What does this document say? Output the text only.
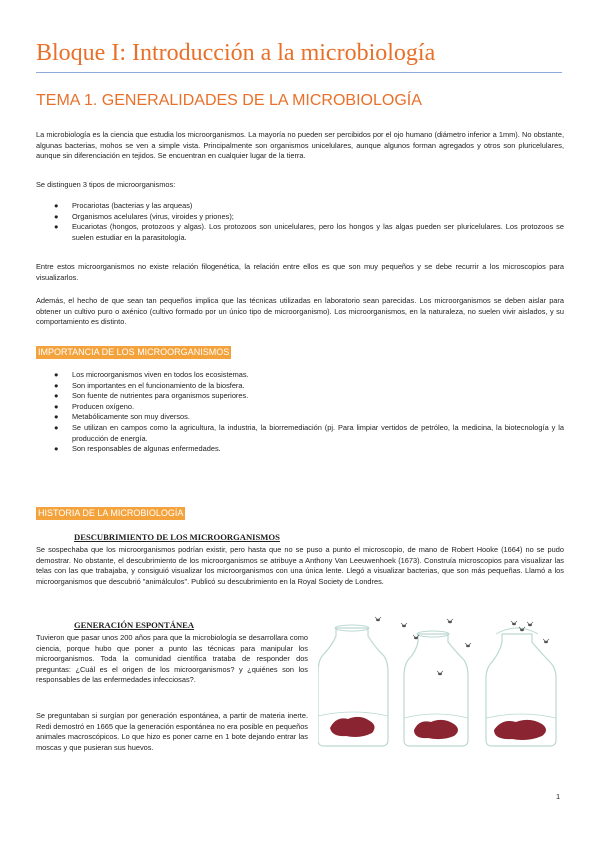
Bloque I: Introducción a la microbiología
TEMA 1. GENERALIDADES DE LA MICROBIOLOGÍA

La microbiología es la ciencia que estudia los microorganismos. La mayoría no pueden ser percibidos por el ojo humano (diámetro inferior a 1mm). No obstante, algunas bacterias, mohos se ven a simple vista. Principalmente son organismos unicelulares, aunque algunos forman agregados y otros son pluricelulares, aunque sin diferenciación en tejidos. Se encuentran en cualquier lugar de la tierra.

Se distinguen 3 tipos de microorganismos:

● Procariotas (bacterias y las arqueas)
● Organismos acelulares (virus, viroides y priones);
● Eucariotas (hongos, protozoos y algas). Los protozoos son unicelulares, pero los hongos y las algas pueden ser pluricelulares. Los protozoos se suelen estudiar en la parasitología.

Entre estos microorganismos no existe relación filogenética, la relación entre ellos es que son muy pequeños y se debe recurrir a los microscopios para visualizarlos.

Además, el hecho de que sean tan pequeños implica que las técnicas utilizadas en laboratorio sean parecidas. Los microorganismos se deben aislar para obtener un cultivo puro o axénico (cultivo formado por un único tipo de microorganismo). Los microorganismos, en la naturaleza, no suelen vivir aislados, y su comportamiento es distinto.

IMPORTANCIA DE LOS MICROORGANISMOS
● Los microorganismos viven en todos los ecosistemas.
● Son importantes en el funcionamiento de la biosfera.
● Son fuente de nutrientes para organismos superiores.
● Producen oxígeno.
● Metabólicamente son muy diversos.
● Se utilizan en campos como la agricultura, la industria, la biorremediación (pj. Para limpiar vertidos de petróleo, la medicina, la biotecnología y la producción de energía.
● Son responsables de algunas enfermedades.
HISTORIA DE LA MICROBIOLOGÍA
DESCUBRIMIENTO DE LOS MICROORGANISMOS

Se sospechaba que los microorganismos podrían existir, pero hasta que no se puso a punto el microscopio, de mano de Robert Hooke (1664) no se pudo demostrar. No obstante, el descubrimiento de los microorganismos se atribuye a Anthony Van Leeuwenhoek (1673). Construía microscopios para visualizar las telas con las que trabajaba, y consiguió visualizar los microorganismos con una única lente. Llegó a visualizar bacterias, que son más pequeñas. Llamó a los microorganismos que descubrió "animálculos". Publicó su descubrimiento en la Royal Society de Londres.

GENERACIÓN ESPONTÁNEA

Tuvieron que pasar unos 200 años para que la microbiología se desarrollara como ciencia, porque hubo que poner a punto las técnicas para manipular los microorganismos. Toda la comunidad científica trataba de responder dos preguntas: ¿Cuál es el origen de los microorganismos? y ¿quiénes son los responsables de las enfermedades infecciosas?.

Se preguntaban si surgían por generación espontánea, a partir de materia inerte. Redi demostró en 1665 que la generación espontánea no era posible en pequeños animales macroscópicos. Lo que hizo es poner carne en 1 bote dejando entrar las moscas y que pusieran sus huevos.

1
